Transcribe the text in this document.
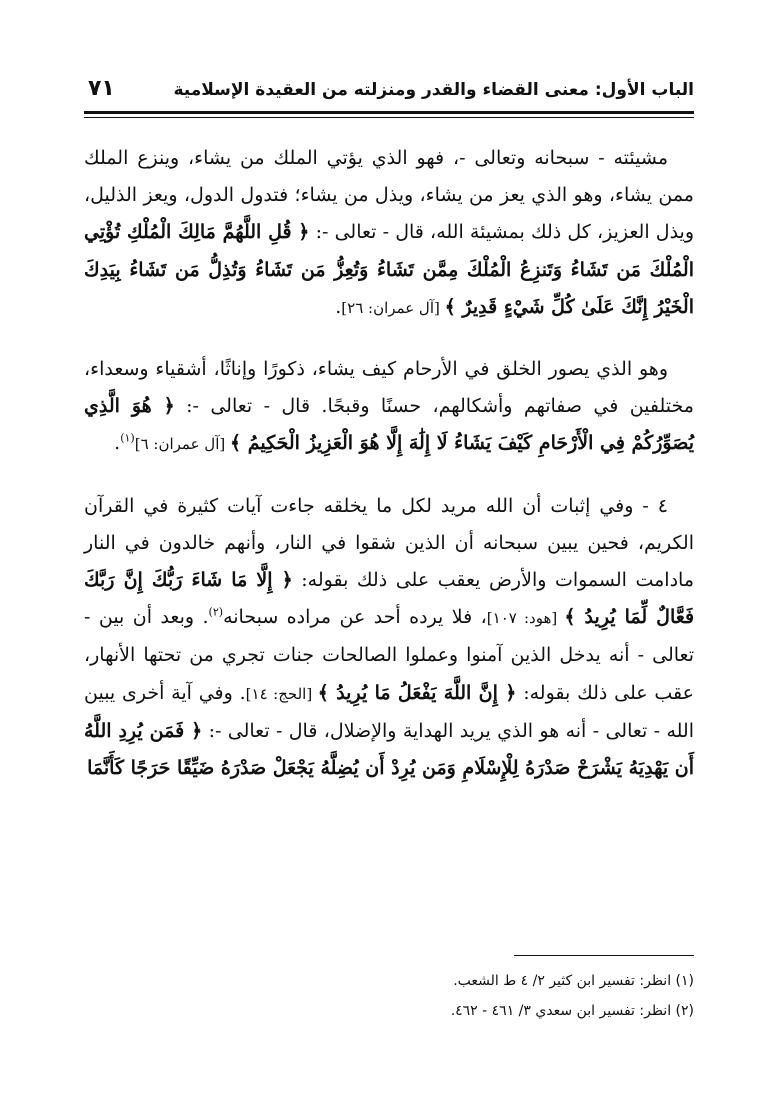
الباب الأول: معنى القضاء والقدر ومنزلته من العقيدة الإسلامية
٧١

مشيئته - سبحانه وتعالى -، فهو الذي يؤتي الملك من يشاء، وينزع الملك ممن يشاء، وهو الذي يعز من يشاء، ويذل من يشاء؛ فتدول الدول، ويعز الذليل، ويذل العزيز، كل ذلك بمشيئة الله، قال - تعالى -: ﴿ قُلِ اللَّهُمَّ مَالِكَ الْمُلْكِ تُؤْتِي الْمُلْكَ مَن تَشَاءُ وَتَنزِعُ الْمُلْكَ مِمَّن تَشَاءُ وَتُعِزُّ مَن تَشَاءُ وَتُذِلُّ مَن تَشَاءُ بِيَدِكَ الْخَيْرُ إِنَّكَ عَلَىٰ كُلِّ شَيْءٍ قَدِيرٌ ﴾ [آل عمران: ٢٦].

وهو الذي يصور الخلق في الأرحام كيف يشاء، ذكورًا وإناثًا، أشقياء وسعداء، مختلفين في صفاتهم وأشكالهم، حسنًا وقبحًا. قال - تعالى -: ﴿ هُوَ الَّذِي يُصَوِّرُكُمْ فِي الْأَرْحَامِ كَيْفَ يَشَاءُ لَا إِلَٰهَ إِلَّا هُوَ الْعَزِيزُ الْحَكِيمُ ﴾ [آل عمران: ٦]$^{(١)}$.

٤ - وفي إثبات أن الله مريد لكل ما يخلقه جاءت آيات كثيرة في القرآن الكريم، فحين يبين سبحانه أن الذين شقوا في النار، وأنهم خالدون في النار مادامت السموات والأرض يعقب على ذلك بقوله: ﴿ إِلَّا مَا شَاءَ رَبُّكَ إِنَّ رَبَّكَ فَعَّالٌ لِّمَا يُرِيدُ ﴾ [هود: ١٠٧]، فلا يرده أحد عن مراده سبحانه$^{(٢)}$. وبعد أن بين - تعالى - أنه يدخل الذين آمنوا وعملوا الصالحات جنات تجري من تحتها الأنهار، عقب على ذلك بقوله: ﴿ إِنَّ اللَّهَ يَفْعَلُ مَا يُرِيدُ ﴾ [الحج: ١٤]. وفي آية أخرى يبين الله - تعالى - أنه هو الذي يريد الهداية والإضلال، قال - تعالى -: ﴿ فَمَن يُرِدِ اللَّهُ أَن يَهْدِيَهُ يَشْرَحْ صَدْرَهُ لِلْإِسْلَامِ وَمَن يُرِدْ أَن يُضِلَّهُ يَجْعَلْ صَدْرَهُ ضَيِّقًا حَرَجًا كَأَنَّمَا

(١) انظر: تفسير ابن كثير ٢/ ٤ ط الشعب.
(٢) انظر: تفسير ابن سعدي ٣/ ٤٦١ - ٤٦٢.
